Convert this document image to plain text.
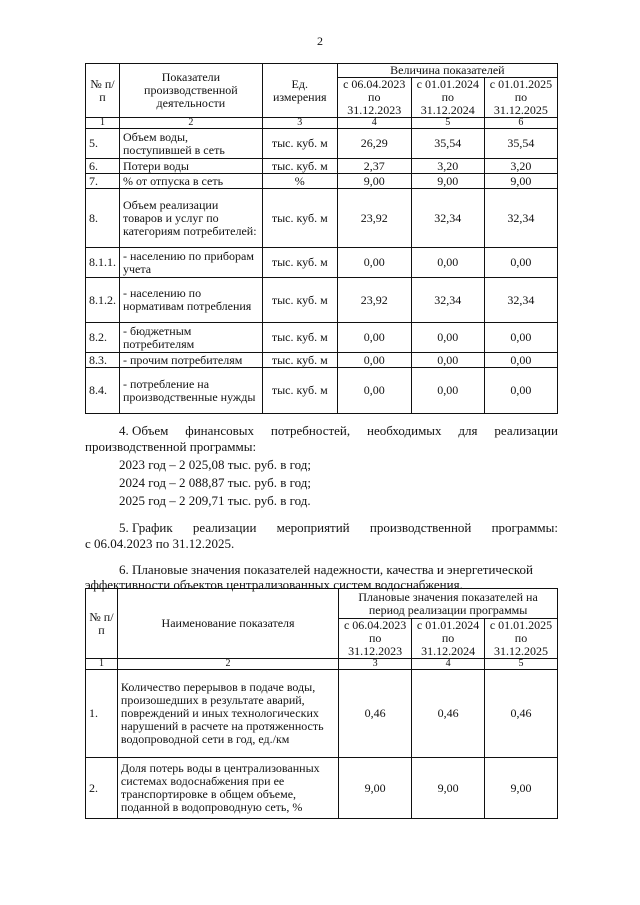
2
№ п/п	Показатели производственной деятельности	Ед. измерения	Величина показателей		
			с 06.04.2023 по 31.12.2023	с 01.01.2024 по 31.12.2024	с 01.01.2025 по 31.12.2025
1	2	3	4	5	6
5.	Объем воды, поступившей в сеть	тыс. куб. м	26,29	35,54	35,54
6.	Потери воды	тыс. куб. м	2,37	3,20	3,20
7.	% от отпуска в сеть	%	9,00	9,00	9,00
8.	Объем реализации товаров и услуг по категориям потребителей:	тыс. куб. м	23,92	32,34	32,34
8.1.1.	- населению по приборам учета	тыс. куб. м	0,00	0,00	0,00
8.1.2.	- населению по нормативам потребления	тыс. куб. м	23,92	32,34	32,34
8.2.	- бюджетным потребителям	тыс. куб. м	0,00	0,00	0,00
8.3.	- прочим потребителям	тыс. куб. м	0,00	0,00	0,00
8.4.	- потребление на производственные нужды	тыс. куб. м	0,00	0,00	0,00
4. Объем финансовых потребностей, необходимых для реализации
производственной программы:
2023 год – 2 025,08 тыс. руб. в год;
2024 год – 2 088,87 тыс. руб. в год;
2025 год – 2 209,71 тыс. руб. в год.
5. График реализации мероприятий производственной программы:
с 06.04.2023 по 31.12.2025.
6. Плановые значения показателей надежности, качества и энергетической
эффективности объектов централизованных систем водоснабжения.
№ п/п	Наименование показателя	Плановые значения показателей на период реализации программы		
		с 06.04.2023 по 31.12.2023	с 01.01.2024 по 31.12.2024	с 01.01.2025 по 31.12.2025
1	2	3	4	5
1.	Количество перерывов в подаче воды, произошедших в результате аварий, повреждений и иных технологических нарушений в расчете на протяженность водопроводной сети в год, ед./км	0,46	0,46	0,46
2.	Доля потерь воды в централизованных системах водоснабжения при ее транспортировке в общем объеме, поданной в водопроводную сеть, %	9,00	9,00	9,00
